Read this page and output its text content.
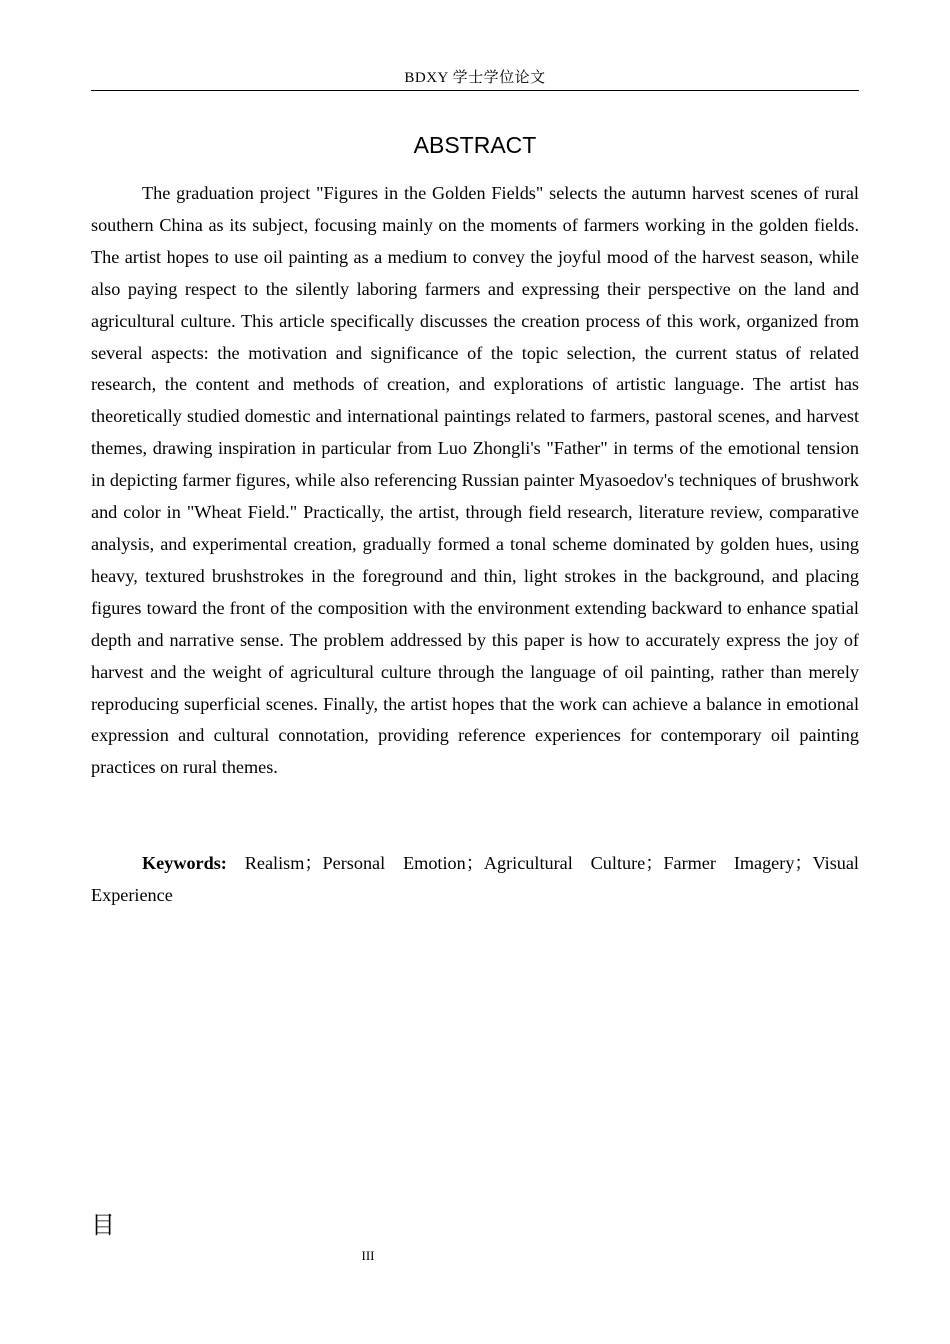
BDXY 学士学位论文
ABSTRACT

The graduation project "Figures in the Golden Fields" selects the autumn harvest scenes of rural southern China as its subject, focusing mainly on the moments of farmers working in the golden fields. The artist hopes to use oil painting as a medium to convey the joyful mood of the harvest season, while also paying respect to the silently laboring farmers and expressing their perspective on the land and agricultural culture. This article specifically discusses the creation process of this work, organized from several aspects: the motivation and significance of the topic selection, the current status of related research, the content and methods of creation, and explorations of artistic language. The artist has theoretically studied domestic and international paintings related to farmers, pastoral scenes, and harvest themes, drawing inspiration in particular from Luo Zhongli's "Father" in terms of the emotional tension in depicting farmer figures, while also referencing Russian painter Myasoedov's techniques of brushwork and color in "Wheat Field." Practically, the artist, through field research, literature review, comparative analysis, and experimental creation, gradually formed a tonal scheme dominated by golden hues, using heavy, textured brushstrokes in the foreground and thin, light strokes in the background, and placing figures toward the front of the composition with the environment extending backward to enhance spatial depth and narrative sense. The problem addressed by this paper is how to accurately express the joy of harvest and the weight of agricultural culture through the language of oil painting, rather than merely reproducing superficial scenes. Finally, the artist hopes that the work can achieve a balance in emotional expression and cultural connotation, providing reference experiences for contemporary oil painting practices on rural themes.

Keywords: Realism；Personal Emotion；Agricultural Culture；Farmer Imagery；Visual Experience

目
III
